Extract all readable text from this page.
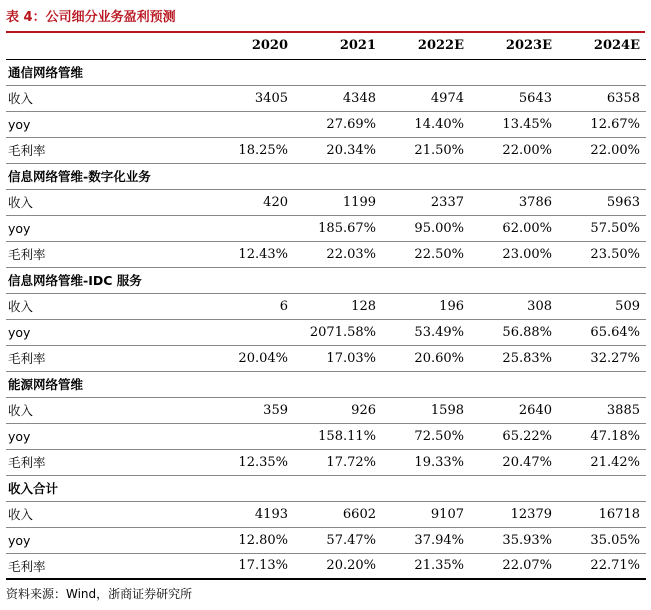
表 4：公司细分业务盈利预测
	2020	2021	2022E	2023E	2024E
通信网络管维					
收入	3405	4348	4974	5643	6358
yoy		27.69%	14.40%	13.45%	12.67%
毛利率	18.25%	20.34%	21.50%	22.00%	22.00%
信息网络管维-数字化业务					
收入	420	1199	2337	3786	5963
yoy		185.67%	95.00%	62.00%	57.50%
毛利率	12.43%	22.03%	22.50%	23.00%	23.50%
信息网络管维-IDC 服务					
收入	6	128	196	308	509
yoy		2071.58%	53.49%	56.88%	65.64%
毛利率	20.04%	17.03%	20.60%	25.83%	32.27%
能源网络管维					
收入	359	926	1598	2640	3885
yoy		158.11%	72.50%	65.22%	47.18%
毛利率	12.35%	17.72%	19.33%	20.47%	21.42%
收入合计					
收入	4193	6602	9107	12379	16718
yoy	12.80%	57.47%	37.94%	35.93%	35.05%
毛利率	17.13%	20.20%	21.35%	22.07%	22.71%
资料来源：Wind，浙商证券研究所
